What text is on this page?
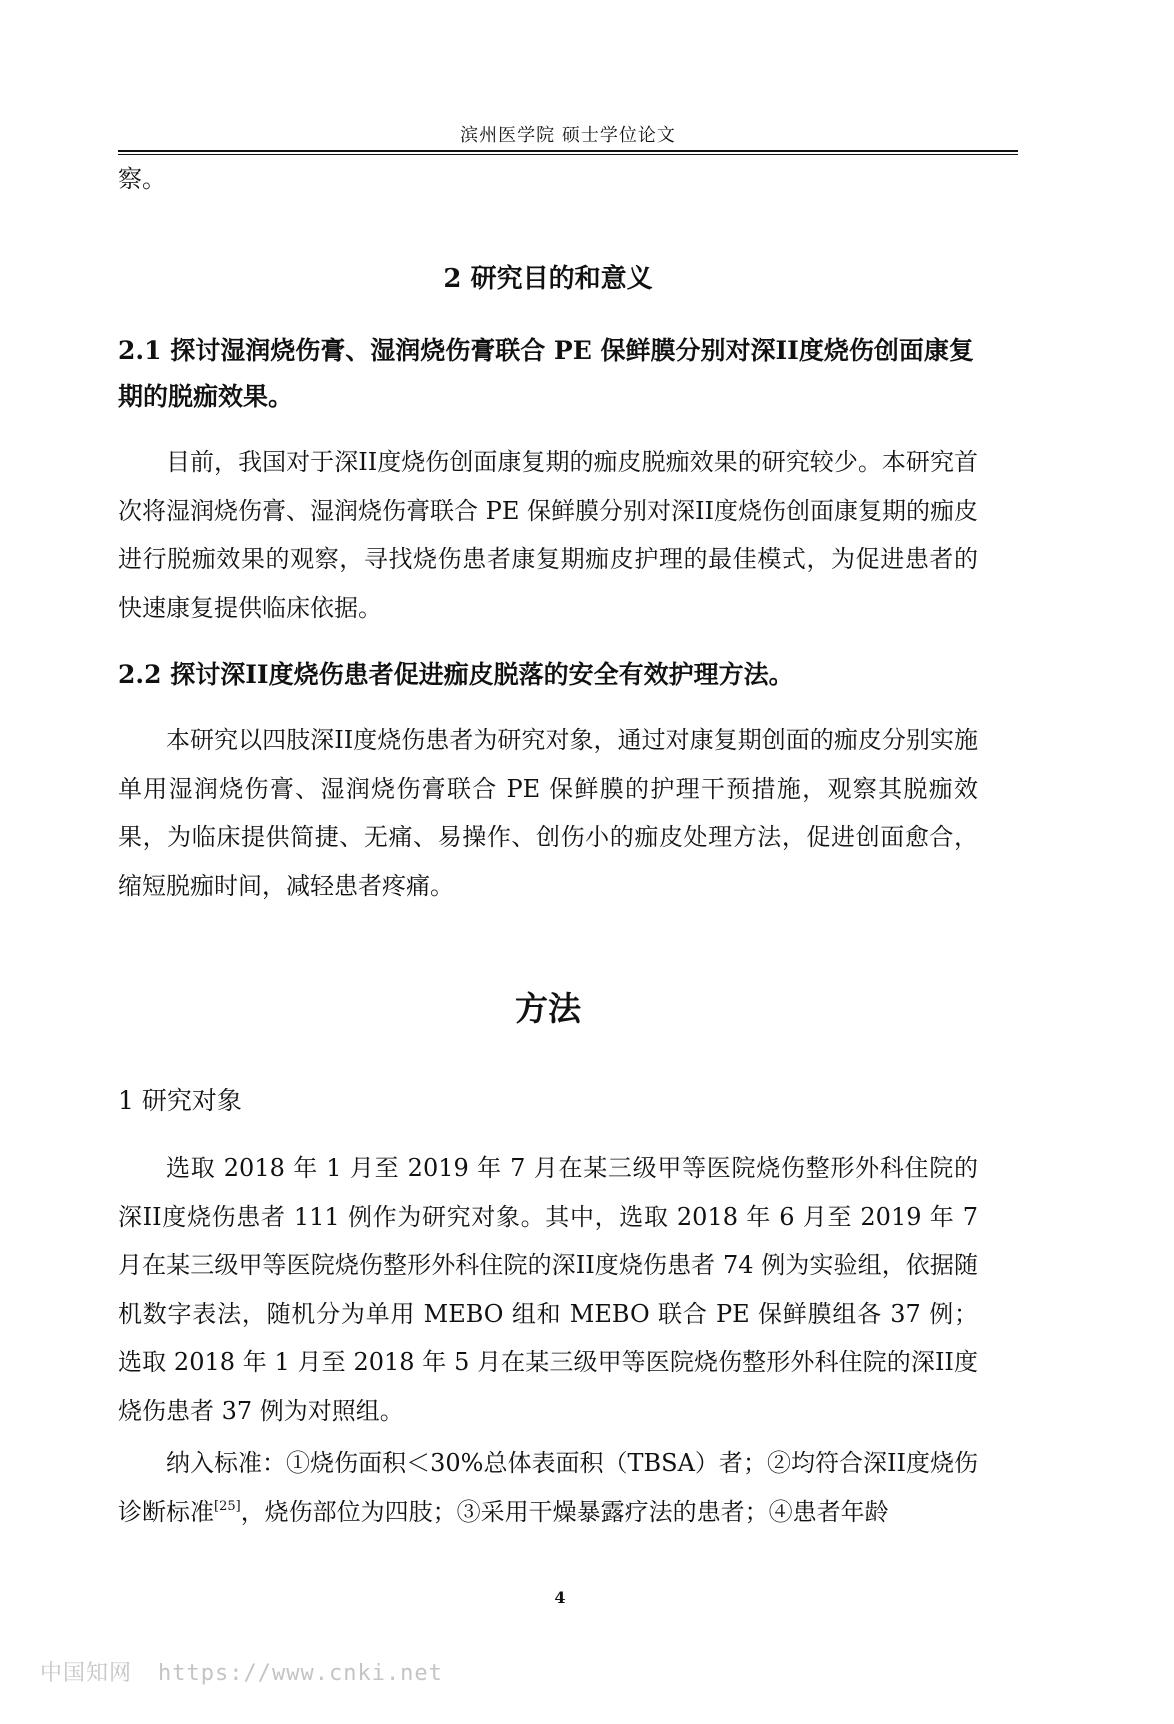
滨州医学院 硕士学位论文

察。

2 研究目的和意义

2.1 探讨湿润烧伤膏、湿润烧伤膏联合 PE 保鲜膜分别对深II度烧伤创面康复期的脱痂效果。

目前，我国对于深II度烧伤创面康复期的痂皮脱痂效果的研究较少。本研究首次将湿润烧伤膏、湿润烧伤膏联合 PE 保鲜膜分别对深II度烧伤创面康复期的痂皮进行脱痂效果的观察，寻找烧伤患者康复期痂皮护理的最佳模式，为促进患者的快速康复提供临床依据。

2.2 探讨深II度烧伤患者促进痂皮脱落的安全有效护理方法。

本研究以四肢深II度烧伤患者为研究对象，通过对康复期创面的痂皮分别实施单用湿润烧伤膏、湿润烧伤膏联合 PE 保鲜膜的护理干预措施，观察其脱痂效果，为临床提供简捷、无痛、易操作、创伤小的痂皮处理方法，促进创面愈合，缩短脱痂时间，减轻患者疼痛。

方法

1 研究对象

选取 2018 年 1 月至 2019 年 7 月在某三级甲等医院烧伤整形外科住院的深II度烧伤患者 111 例作为研究对象。其中，选取 2018 年 6 月至 2019 年 7 月在某三级甲等医院烧伤整形外科住院的深II度烧伤患者 74 例为实验组，依据随机数字表法，随机分为单用 MEBO 组和 MEBO 联合 PE 保鲜膜组各 37 例；选取 2018 年 1 月至 2018 年 5 月在某三级甲等医院烧伤整形外科住院的深II度烧伤患者 37 例为对照组。

纳入标准：①烧伤面积＜30%总体表面积（TBSA）者；②均符合深II度烧伤诊断标准[25]，烧伤部位为四肢；③采用干燥暴露疗法的患者；④患者年龄

4
中国知网 https://www.cnki.net
